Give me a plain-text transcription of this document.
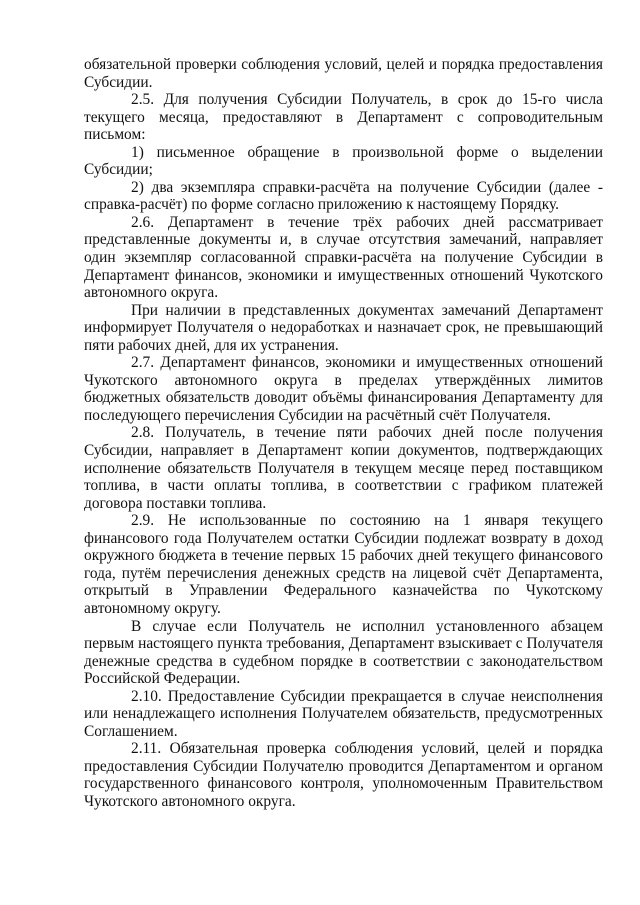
обязательной проверки соблюдения условий, целей и порядка предоставления Субсидии.

2.5. Для получения Субсидии Получатель, в срок до 15-го числа текущего месяца, предоставляют в Департамент с сопроводительным письмом:

1) письменное обращение в произвольной форме о выделении Субсидии;

2) два экземпляра справки-расчёта на получение Субсидии (далее - справка-расчёт) по форме согласно приложению к настоящему Порядку.

2.6. Департамент в течение трёх рабочих дней рассматривает представленные документы и, в случае отсутствия замечаний, направляет один экземпляр согласованной справки-расчёта на получение Субсидии в Департамент финансов, экономики и имущественных отношений Чукотского автономного округа.

При наличии в представленных документах замечаний Департамент информирует Получателя о недоработках и назначает срок, не превышающий пяти рабочих дней, для их устранения.

2.7. Департамент финансов, экономики и имущественных отношений Чукотского автономного округа в пределах утверждённых лимитов бюджетных обязательств доводит объёмы финансирования Департаменту для последующего перечисления Субсидии на расчётный счёт Получателя.

2.8. Получатель, в течение пяти рабочих дней после получения Субсидии, направляет в Департамент копии документов, подтверждающих исполнение обязательств Получателя в текущем месяце перед поставщиком топлива, в части оплаты топлива, в соответствии с графиком платежей договора поставки топлива.

2.9. Не использованные по состоянию на 1 января текущего финансового года Получателем остатки Субсидии подлежат возврату в доход окружного бюджета в течение первых 15 рабочих дней текущего финансового года, путём перечисления денежных средств на лицевой счёт Департамента, открытый в Управлении Федерального казначейства по Чукотскому автономному округу.

В случае если Получатель не исполнил установленного абзацем первым настоящего пункта требования, Департамент взыскивает с Получателя денежные средства в судебном порядке в соответствии с законодательством Российской Федерации.

2.10. Предоставление Субсидии прекращается в случае неисполнения или ненадлежащего исполнения Получателем обязательств, предусмотренных Соглашением.

2.11. Обязательная проверка соблюдения условий, целей и порядка предоставления Субсидии Получателю проводится Департаментом и органом государственного финансового контроля, уполномоченным Правительством Чукотского автономного округа.
